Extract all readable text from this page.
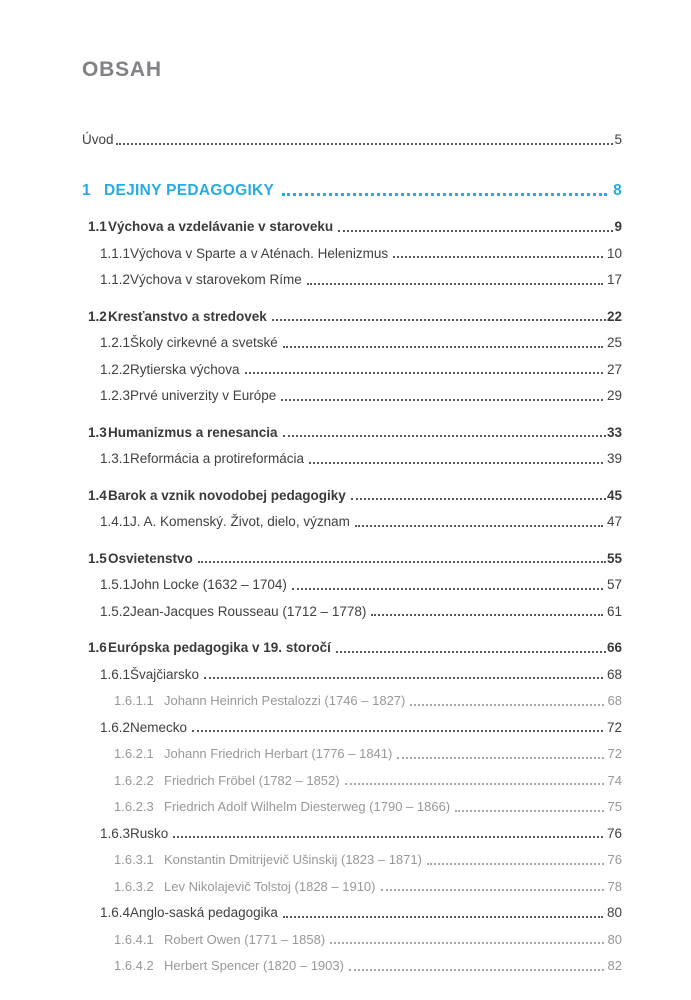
OBSAH
Úvod	5
1 DEJINY PEDAGOGIKY	8
1.1 Výchova a vzdelávanie v staroveku	9
1.1.1 Výchova v Sparte a v Aténach. Helenizmus	10
1.1.2 Výchova v starovekom Ríme	17
1.2 Kresťanstvo a stredovek	22
1.2.1 Školy cirkevné a svetské	25
1.2.2 Rytierska výchova	27
1.2.3 Prvé univerzity v Európe	29
1.3 Humanizmus a renesancia	33
1.3.1 Reformácia a protireformácia	39
1.4 Barok a vznik novodobej pedagogiky	45
1.4.1 J. A. Komenský. Život, dielo, význam	47
1.5 Osvietenstvo	55
1.5.1 John Locke (1632 – 1704)	57
1.5.2 Jean-Jacques Rousseau (1712 – 1778)	61
1.6 Európska pedagogika v 19. storočí	66
1.6.1 Švajčiarsko	68
1.6.1.1 Johann Heinrich Pestalozzi (1746 – 1827)	68
1.6.2 Nemecko	72
1.6.2.1 Johann Friedrich Herbart (1776 – 1841)	72
1.6.2.2 Friedrich Fröbel (1782 – 1852)	74
1.6.2.3 Friedrich Adolf Wilhelm Diesterweg (1790 – 1866)	75
1.6.3 Rusko	76
1.6.3.1 Konstantin Dmitrijevič Ušinskij (1823 – 1871)	76
1.6.3.2 Lev Nikolajevič Tolstoj (1828 – 1910)	78
1.6.4 Anglo-saská pedagogika	80
1.6.4.1 Robert Owen (1771 – 1858)	80
1.6.4.2 Herbert Spencer (1820 – 1903)	82
